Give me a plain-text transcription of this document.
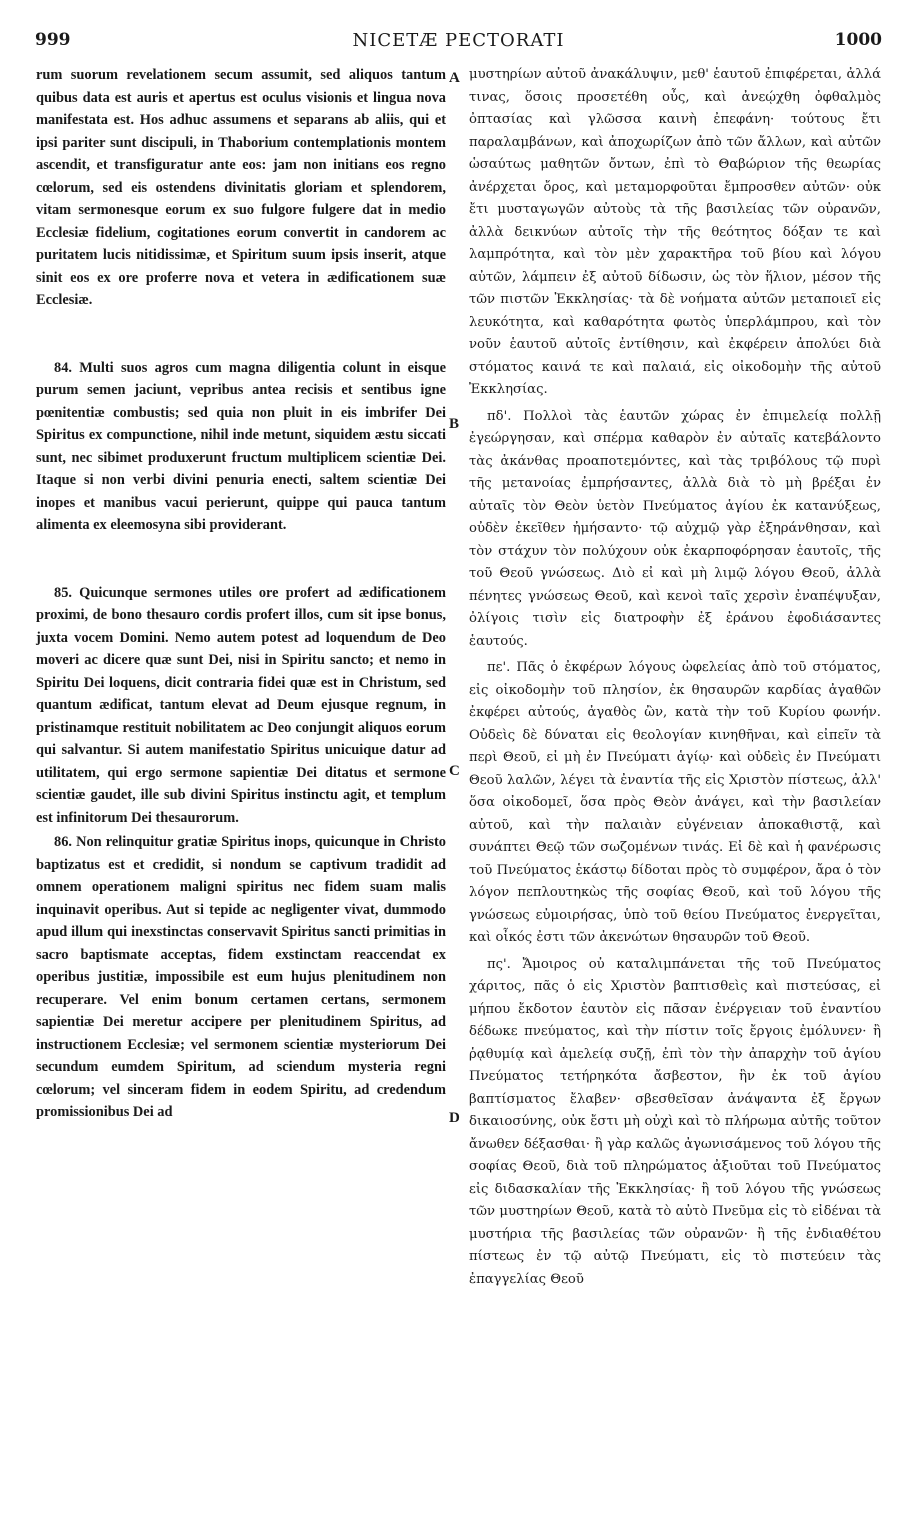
999	NICETÆ PECTORATI	1000
A
B
C
D

rum suorum revelationem secum assumit, sed aliquos tantum quibus data est auris et apertus est oculus visionis et lingua nova manifestata est. Hos adhuc assumens et separans ab aliis, qui et ipsi pariter sunt discipuli, in Thaborium contemplationis montem ascendit, et transfiguratur ante eos: jam non initians eos regno cœlorum, sed eis ostendens divinitatis gloriam et splendorem, vitam sermonesque eorum ex suo fulgore fulgere dat in medio Ecclesiæ fidelium, cogitationes eorum convertit in candorem ac puritatem lucis nitidissimæ, et Spiritum suum ipsis inserit, atque sinit eos ex ore proferre nova et vetera in ædificationem suæ Ecclesiæ.

84. Multi suos agros cum magna diligentia colunt in eisque purum semen jaciunt, vepribus antea recisis et sentibus igne pœnitentiæ combustis; sed quia non pluit in eis imbrifer Dei Spiritus ex compunctione, nihil inde metunt, siquidem æstu siccati sunt, nec sibimet produxerunt fructum multiplicem scientiæ Dei. Itaque si non verbi divini penuria enecti, saltem scientiæ Dei inopes et manibus vacui perierunt, quippe qui pauca tantum alimenta ex eleemosyna sibi providerant.

85. Quicunque sermones utiles ore profert ad ædificationem proximi, de bono thesauro cordis profert illos, cum sit ipse bonus, juxta vocem Domini. Nemo autem potest ad loquendum de Deo moveri ac dicere quæ sunt Dei, nisi in Spiritu sancto; et nemo in Spiritu Dei loquens, dicit contraria fidei quæ est in Christum, sed quantum ædificat, tantum elevat ad Deum ejusque regnum, in pristinamque restituit nobilitatem ac Deo conjungit aliquos eorum qui salvantur. Si autem manifestatio Spiritus unicuique datur ad utilitatem, qui ergo sermone sapientiæ Dei ditatus et sermone scientiæ gaudet, ille sub divini Spiritus instinctu agit, et templum est infinitorum Dei thesaurorum.

86. Non relinquitur gratiæ Spiritus inops, quicunque in Christo baptizatus est et credidit, si nondum se captivum tradidit ad omnem operationem maligni spiritus nec fidem suam malis inquinavit operibus. Aut si tepide ac negligenter vivat, dummodo apud illum qui inexstinctas conservavit Spiritus sancti primitias in sacro baptismate acceptas, fidem exstinctam reaccendat ex operibus justitiæ, impossibile est eum hujus plenitudinem non recuperare. Vel enim bonum certamen certans, sermonem sapientiæ Dei meretur accipere per plenitudinem Spiritus, ad instructionem Ecclesiæ; vel sermonem scientiæ mysteriorum Dei secundum eumdem Spiritum, ad sciendum mysteria regni cœlorum; vel sinceram fidem in eodem Spiritu, ad credendum promissionibus Dei ad

μυστηρίων αὐτοῦ ἀνακάλυψιν, μεθ' ἑαυτοῦ ἐπιφέρεται, ἀλλά τινας, ὅσοις προσετέθη οὖς, καὶ ἀνεῴχθη ὀφθαλμὸς ὀπτασίας καὶ γλῶσσα καινὴ ἐπεφάνη· τούτους ἔτι παραλαμβάνων, καὶ ἀποχωρίζων ἀπὸ τῶν ἄλλων, καὶ αὐτῶν ὡσαύτως μαθητῶν ὄντων, ἐπὶ τὸ Θαβώριον τῆς θεωρίας ἀνέρχεται ὄρος, καὶ μεταμορφοῦται ἔμπροσθεν αὐτῶν· οὐκ ἔτι μυσταγωγῶν αὐτοὺς τὰ τῆς βασιλείας τῶν οὐρανῶν, ἀλλὰ δεικνύων αὐτοῖς τὴν τῆς θεότητος δόξαν τε καὶ λαμπρότητα, καὶ τὸν μὲν χαρακτῆρα τοῦ βίου καὶ λόγου αὐτῶν, λάμπειν ἐξ αὐτοῦ δίδωσιν, ὡς τὸν ἥλιον, μέσον τῆς τῶν πιστῶν Ἐκκλησίας· τὰ δὲ νοήματα αὐτῶν μεταποιεῖ εἰς λευκότητα, καὶ καθαρότητα φωτὸς ὑπερλάμπρου, καὶ τὸν νοῦν ἑαυτοῦ αὐτοῖς ἐντίθησιν, καὶ ἐκφέρειν ἀπολύει διὰ στόματος καινά τε καὶ παλαιά, εἰς οἰκοδομὴν τῆς αὐτοῦ Ἐκκλησίας.

πδ'. Πολλοὶ τὰς ἑαυτῶν χώρας ἐν ἐπιμελείᾳ πολλῇ ἐγεώργησαν, καὶ σπέρμα καθαρὸν ἐν αὐταῖς κατεβάλοντο τὰς ἀκάνθας προαποτεμόντες, καὶ τὰς τριβόλους τῷ πυρὶ τῆς μετανοίας ἐμπρήσαντες, ἀλλὰ διὰ τὸ μὴ βρέξαι ἐν αὐταῖς τὸν Θεὸν ὑετὸν Πνεύματος ἁγίου ἐκ κατανύξεως, οὐδὲν ἐκεῖθεν ἠμήσαντο· τῷ αὐχμῷ γὰρ ἐξηράνθησαν, καὶ τὸν στάχυν τὸν πολύχουν οὐκ ἐκαρποφόρησαν ἑαυτοῖς, τῆς τοῦ Θεοῦ γνώσεως. Διὸ εἰ καὶ μὴ λιμῷ λόγου Θεοῦ, ἀλλὰ πένητες γνώσεως Θεοῦ, καὶ κενοὶ ταῖς χερσὶν ἐναπέψυξαν, ὀλίγοις τισὶν εἰς διατροφὴν ἐξ ἐράνου ἐφοδιάσαντες ἑαυτούς.

πε'. Πᾶς ὁ ἐκφέρων λόγους ὠφελείας ἀπὸ τοῦ στόματος, εἰς οἰκοδομὴν τοῦ πλησίον, ἐκ θησαυρῶν καρδίας ἀγαθῶν ἐκφέρει αὐτούς, ἀγαθὸς ὢν, κατὰ τὴν τοῦ Κυρίου φωνήν. Οὐδεὶς δὲ δύναται εἰς θεολογίαν κινηθῆναι, καὶ εἰπεῖν τὰ περὶ Θεοῦ, εἰ μὴ ἐν Πνεύματι ἁγίῳ· καὶ οὐδεὶς ἐν Πνεύματι Θεοῦ λαλῶν, λέγει τὰ ἐναντία τῆς εἰς Χριστὸν πίστεως, ἀλλ' ὅσα οἰκοδομεῖ, ὅσα πρὸς Θεὸν ἀνάγει, καὶ τὴν βασιλείαν αὐτοῦ, καὶ τὴν παλαιὰν εὐγένειαν ἀποκαθιστᾷ, καὶ συνάπτει Θεῷ τῶν σωζομένων τινάς. Εἰ δὲ καὶ ἡ φανέρωσις τοῦ Πνεύματος ἑκάστῳ δίδοται πρὸς τὸ συμφέρον, ἄρα ὁ τὸν λόγον πεπλουτηκὼς τῆς σοφίας Θεοῦ, καὶ τοῦ λόγου τῆς γνώσεως εὐμοιρήσας, ὑπὸ τοῦ θείου Πνεύματος ἐνεργεῖται, καὶ οἶκός ἐστι τῶν ἀκενώτων θησαυρῶν τοῦ Θεοῦ.

πς'. Ἄμοιρος οὐ καταλιμπάνεται τῆς τοῦ Πνεύματος χάριτος, πᾶς ὁ εἰς Χριστὸν βαπτισθεὶς καὶ πιστεύσας, εἰ μήπου ἔκδοτον ἑαυτὸν εἰς πᾶσαν ἐνέργειαν τοῦ ἐναντίου δέδωκε πνεύματος, καὶ τὴν πίστιν τοῖς ἔργοις ἐμόλυνεν· ἢ ῥᾳθυμίᾳ καὶ ἀμελείᾳ συζῇ, ἐπὶ τὸν τὴν ἀπαρχὴν τοῦ ἁγίου Πνεύματος τετήρηκότα ἄσβεστον, ἣν ἐκ τοῦ ἁγίου βαπτίσματος ἔλαβεν· σβεσθεῖσαν ἀνάψαντα ἐξ ἔργων δικαιοσύνης, οὐκ ἔστι μὴ οὐχὶ καὶ τὸ πλήρωμα αὐτῆς τοῦτον ἄνωθεν δέξασθαι· ἢ γὰρ καλῶς ἀγωνισάμενος τοῦ λόγου τῆς σοφίας Θεοῦ, διὰ τοῦ πληρώματος ἀξιοῦται τοῦ Πνεύματος εἰς διδασκαλίαν τῆς Ἐκκλησίας· ἢ τοῦ λόγου τῆς γνώσεως τῶν μυστηρίων Θεοῦ, κατὰ τὸ αὐτὸ Πνεῦμα εἰς τὸ εἰδέναι τὰ μυστήρια τῆς βασιλείας τῶν οὐρανῶν· ἢ τῆς ἐνδιαθέτου πίστεως ἐν τῷ αὐτῷ Πνεύματι, εἰς τὸ πιστεύειν τὰς ἐπαγγελίας Θεοῦ
